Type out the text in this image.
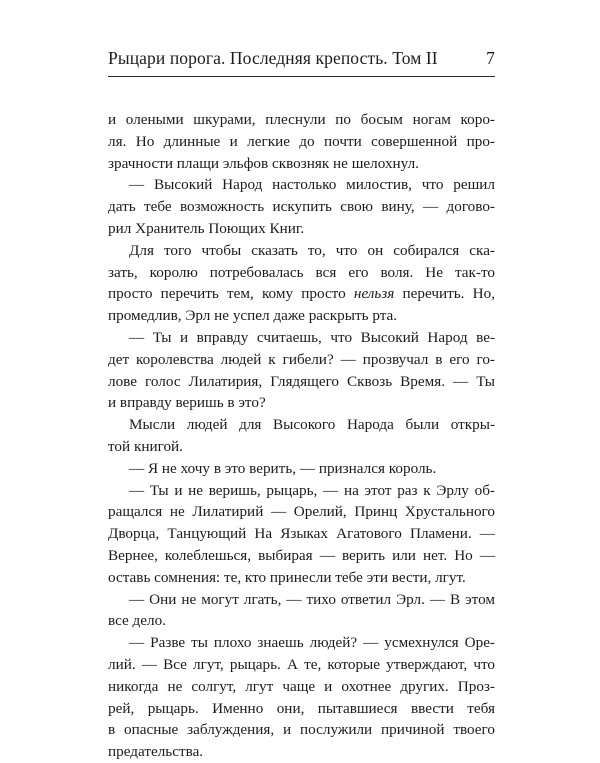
Рыцари порога. Последняя крепость. Том II	7
и олеными шкурами, плеснули по босым ногам коро-
ля. Но длинные и легкие до почти совершенной про-
зрачности плащи эльфов сквозняк не шелохнул.
— Высокий Народ настолько милостив, что решил
дать тебе возможность искупить свою вину, — догово-
рил Хранитель Поющих Книг.
Для того чтобы сказать то, что он собирался ска-
зать, королю потребовалась вся его воля. Не так-то
просто перечить тем, кому просто нельзя перечить. Но,
промедлив, Эрл не успел даже раскрыть рта.
— Ты и вправду считаешь, что Высокий Народ ве-
дет королевства людей к гибели? — прозвучал в его го-
лове голос Лилатирия, Глядящего Сквозь Время. — Ты
и вправду веришь в это?
Мысли людей для Высокого Народа были откры-
той книгой.
— Я не хочу в это верить, — признался король.
— Ты и не веришь, рыцарь, — на этот раз к Эрлу об-
ращался не Лилатирий — Орелий, Принц Хрустального
Дворца, Танцующий На Языках Агатового Пламени. —
Вернее, колеблешься, выбирая — верить или нет. Но —
оставь сомнения: те, кто принесли тебе эти вести, лгут.
— Они не могут лгать, — тихо ответил Эрл. — В этом
все дело.
— Разве ты плохо знаешь людей? — усмехнулся Оре-
лий. — Все лгут, рыцарь. А те, которые утверждают, что
никогда не солгут, лгут чаще и охотнее других. Проз-
рей, рыцарь. Именно они, пытавшиеся ввести тебя
в опасные заблуждения, и послужили причиной твоего
предательства.
